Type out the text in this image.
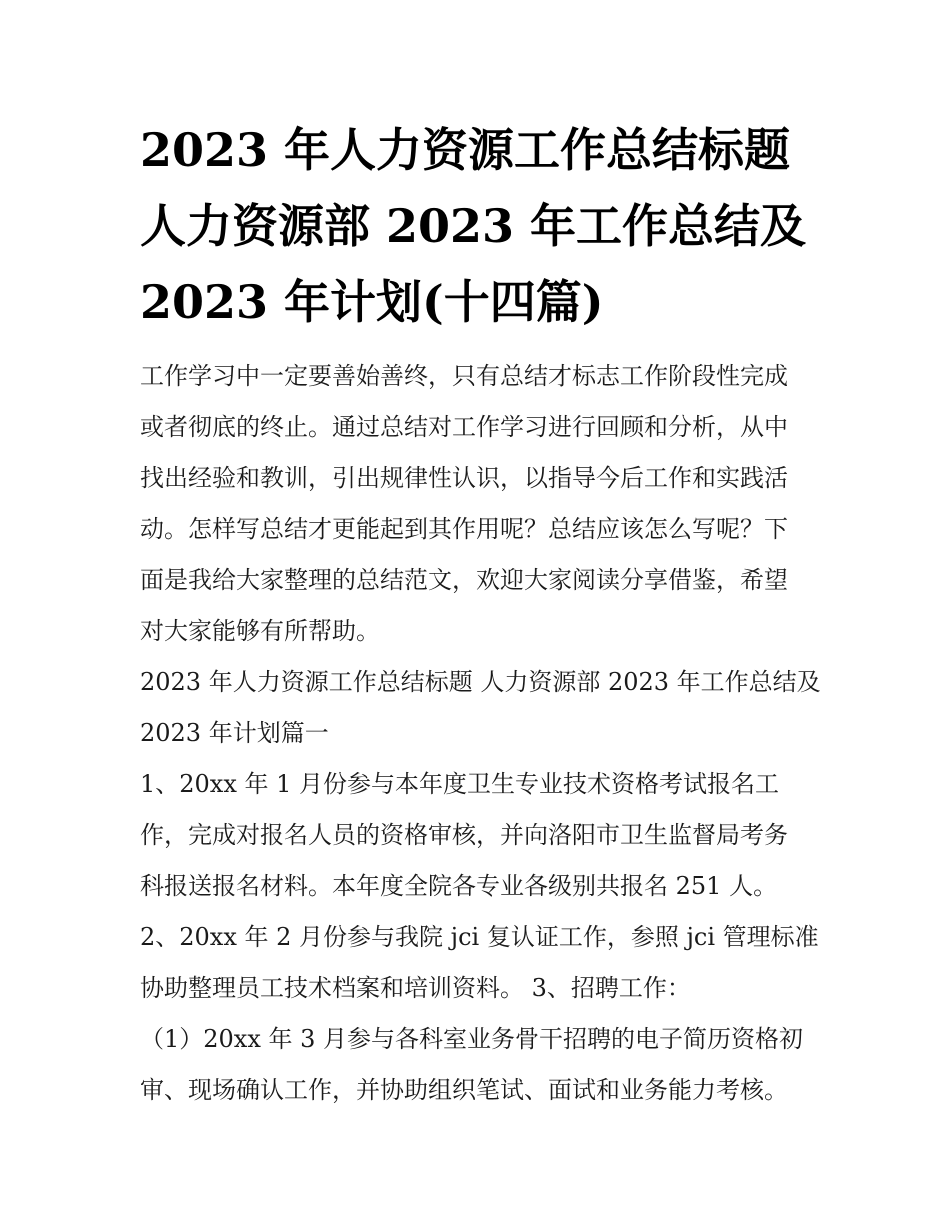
2023 年人力资源工作总结标题
人力资源部 2023 年工作总结及
2023 年计划(十四篇)
工作学习中一定要善始善终，只有总结才标志工作阶段性完成
或者彻底的终止。通过总结对工作学习进行回顾和分析，从中
找出经验和教训，引出规律性认识，以指导今后工作和实践活
动。怎样写总结才更能起到其作用呢？总结应该怎么写呢？下
面是我给大家整理的总结范文，欢迎大家阅读分享借鉴，希望
对大家能够有所帮助。
2023 年人力资源工作总结标题 人力资源部 2023 年工作总结及
2023 年计划篇一
1、20xx 年 1 月份参与本年度卫生专业技术资格考试报名工
作，完成对报名人员的资格审核，并向洛阳市卫生监督局考务
科报送报名材料。本年度全院各专业各级别共报名 251 人。
2、20xx 年 2 月份参与我院 jci 复认证工作，参照 jci 管理标准
协助整理员工技术档案和培训资料。 3、招聘工作：
（1）20xx 年 3 月参与各科室业务骨干招聘的电子简历资格初
审、现场确认工作，并协助组织笔试、面试和业务能力考核。
